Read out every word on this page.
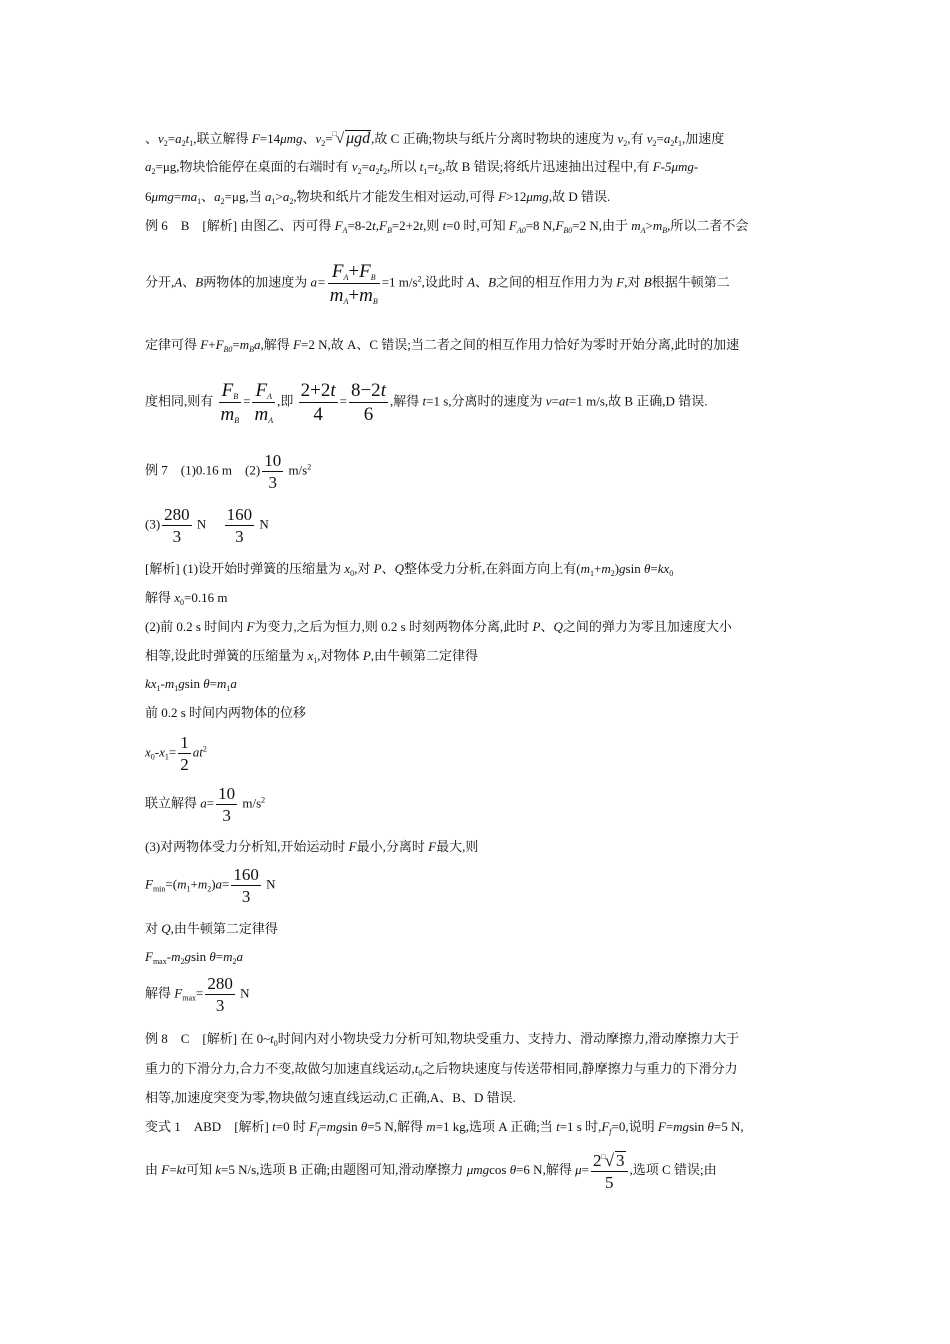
、$v_2=a_2t_1$,联立解得 F=14μmg、$v_2=^□√$ μgd,故 C 正确;物块与纸片分离时物块的速度为 $v_2$,有 $v_2=a_2t_1$,加速度
$a_2=\mu g$,物块恰能停在桌面的右端时有 $v_2=a_2t_2$,所以 $t_1=t_2$,故 B 错误;将纸片迅速抽出过程中,有 F-5μmg-
$6\mu mg=ma_1$、$a_2=\mu g$,当 $a_1>a_2$,物块和纸片才能发生相对运动,可得 F>12μmg,故 D 错误.
例 6　B　[解析] 由图乙、丙可得 $F_A=8-2t,F_B=2+2t$,则 t=0 时,可知 $F_{A0}=8$ $N,F_{B0}=2$ N,由于 $m_A>m_B$,所以二者不会
分开,A、B两物体的加速度为 $a= \frac{F_A+F_B}{m_A+m_B} =1$ $m/s^2$,设此时 A、B之间的相互作用力为 F,对 B根据牛顿第二
定律可得 $F+F_{B0}=m_Ba$,解得 F=2 N,故 A、C 错误;当二者之间的相互作用力恰好为零时开始分离,此时的加速
度相同,则有 $\frac{F_B}{m_B} = \frac{F_A}{m_A}$ ,即 $\frac{2+2t}{4} = \frac{8-2t}{6}$ ,解得 t=1 s,分离时的速度为 v=at=1 m/s,故 B 正确,D 错误.
例 7　(1)0.16 m　$(2) \frac{10}{3} m/s^2$
$(3) \frac{280}{3}$ N　 $\frac{160}{3}$ N
[解析] (1)设开始时弹簧的压缩量为 $x_0$,对 P、Q整体受力分析,在斜面方向上有$(m_1+m_2)gsin$ $\theta=kx_0$
解得 $x_0=0.16$ m
(2)前 0.2 s 时间内 F为变力,之后为恒力,则 0.2 s 时刻两物体分离,此时 P、Q之间的弹力为零且加速度大小
相等,设此时弹簧的压缩量为 $x_1$,对物体 P,由牛顿第二定律得
$kx_1-m_1gsin$ $\theta=m_1a$
前 0.2 s 时间内两物体的位移
$x_0-x_1= \frac{1}{2} at^2$
联立解得 $a= \frac{10}{3} m/s^2$
(3)对两物体受力分析知,开始运动时 F最小,分离时 F最大,则
$F_{min}=(m_1+m_2)a= \frac{160}{3}$ N
对 Q,由牛顿第二定律得
$F_{max}-m_2gsin$ $\theta=m_2a$
解得 $F_{max}= \frac{280}{3}$ N
例 8　C　[解析] 在 $0\sim t_0$时间内对小物块受力分析可知,物块受重力、支持力、滑动摩擦力,滑动摩擦力大于
重力的下滑分力,合力不变,故做匀加速直线运动$,t_0$之后物块速度与传送带相同,静摩擦力与重力的下滑分力
相等,加速度突变为零,物块做匀速直线运动,C 正确,A、B、D 错误.
变式 1　ABD　[解析] t=0 时 $F_f=mgsin$ θ=5 N,解得 m=1 kg,选项 A 正确;当 t=1 s 时$,F_f=0$,说明 F=mgsin θ=5 N,
由 F=kt可知 k=5 N/s,选项 B 正确;由题图可知,滑动摩擦力 μmgcos θ=6 N,解得 $\mu= \frac{2^□√ 3}{5}$ ,选项 C 错误;由
